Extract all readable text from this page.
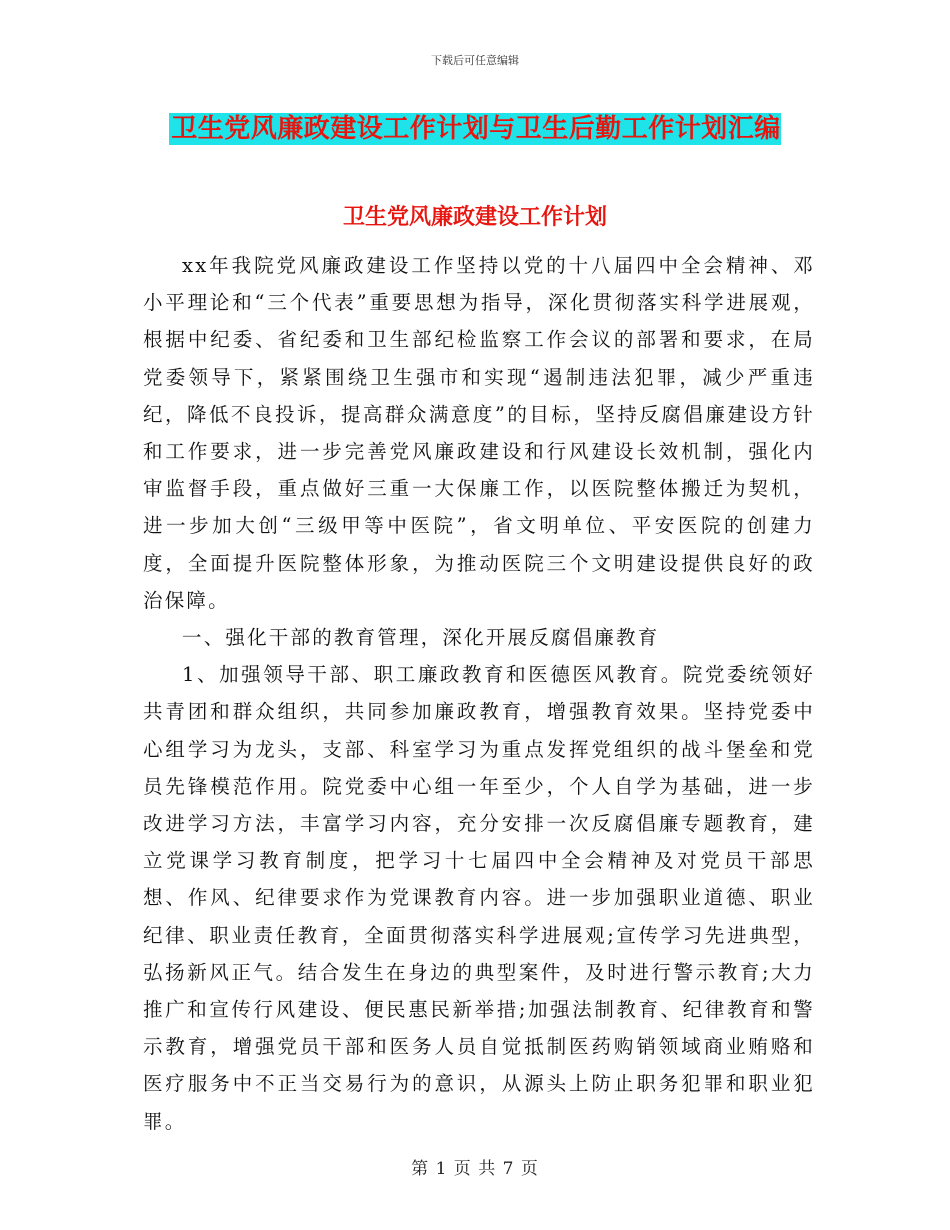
下载后可任意编辑
卫生党风廉政建设工作计划与卫生后勤工作计划汇编
卫生党风廉政建设工作计划

xx年我院党风廉政建设工作坚持以党的十八届四中全会精神、邓小平理论和“三个代表”重要思想为指导，深化贯彻落实科学进展观，根据中纪委、省纪委和卫生部纪检监察工作会议的部署和要求，在局党委领导下，紧紧围绕卫生强市和实现“遏制违法犯罪，减少严重违纪，降低不良投诉，提高群众满意度”的目标，坚持反腐倡廉建设方针和工作要求，进一步完善党风廉政建设和行风建设长效机制，强化内审监督手段，重点做好三重一大保廉工作，以医院整体搬迁为契机，进一步加大创“三级甲等中医院”，省文明单位、平安医院的创建力度，全面提升医院整体形象，为推动医院三个文明建设提供良好的政治保障。

一、强化干部的教育管理，深化开展反腐倡廉教育

1、加强领导干部、职工廉政教育和医德医风教育。院党委统领好共青团和群众组织，共同参加廉政教育，增强教育效果。坚持党委中心组学习为龙头，支部、科室学习为重点发挥党组织的战斗堡垒和党员先锋模范作用。院党委中心组一年至少，个人自学为基础，进一步改进学习方法，丰富学习内容，充分安排一次反腐倡廉专题教育，建立党课学习教育制度，把学习十七届四中全会精神及对党员干部思想、作风、纪律要求作为党课教育内容。进一步加强职业道德、职业纪律、职业责任教育，全面贯彻落实科学进展观;宣传学习先进典型，弘扬新风正气。结合发生在身边的典型案件，及时进行警示教育;大力推广和宣传行风建设、便民惠民新举措;加强法制教育、纪律教育和警示教育，增强党员干部和医务人员自觉抵制医药购销领域商业贿赂和医疗服务中不正当交易行为的意识，从源头上防止职务犯罪和职业犯罪。

第 1 页 共 7 页
